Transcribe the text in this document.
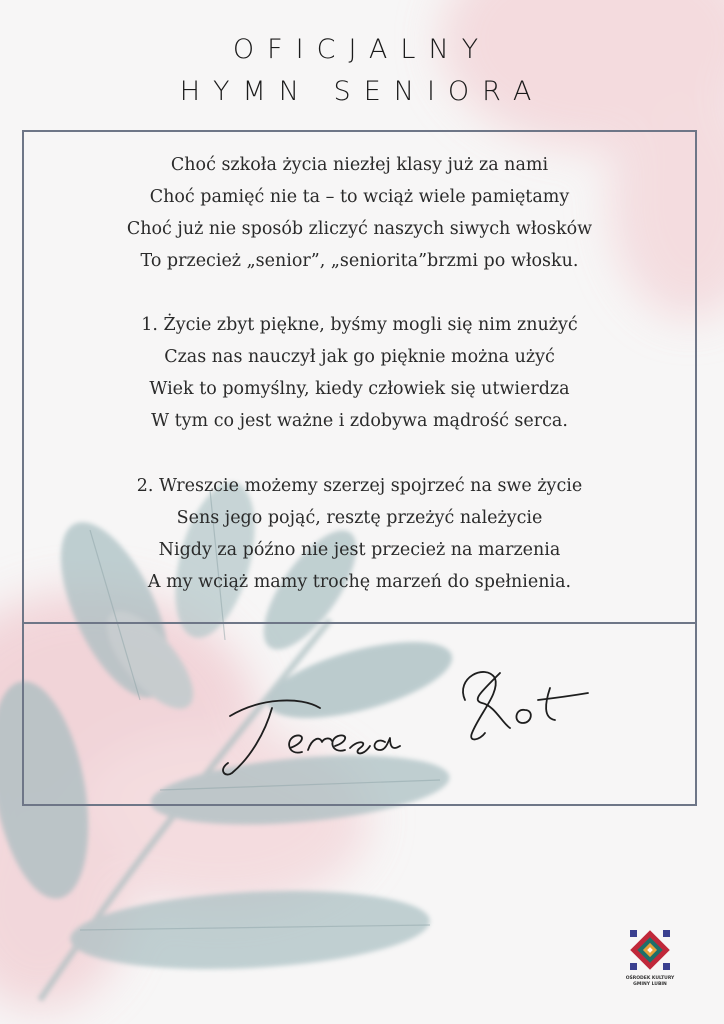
OFICJALNY
HYMN SENIORA
Choć szkoła życia niezłej klasy już za nami
Choć pamięć nie ta – to wciąż wiele pamiętamy
Choć już nie sposób zliczyć naszych siwych włosków
To przecież „senior”, „seniorita”brzmi po włosku.
1. Życie zbyt piękne, byśmy mogli się nim znużyć
Czas nas nauczył jak go pięknie można użyć
Wiek to pomyślny, kiedy człowiek się utwierdza
W tym co jest ważne i zdobywa mądrość serca.
2. Wreszcie możemy szerzej spojrzeć na swe życie
Sens jego pojąć, resztę przeżyć należycie
Nigdy za późno nie jest przecież na marzenia
A my wciąż mamy trochę marzeń do spełnienia.
OŚRODEK KULTURY
GMINY LUBIN
